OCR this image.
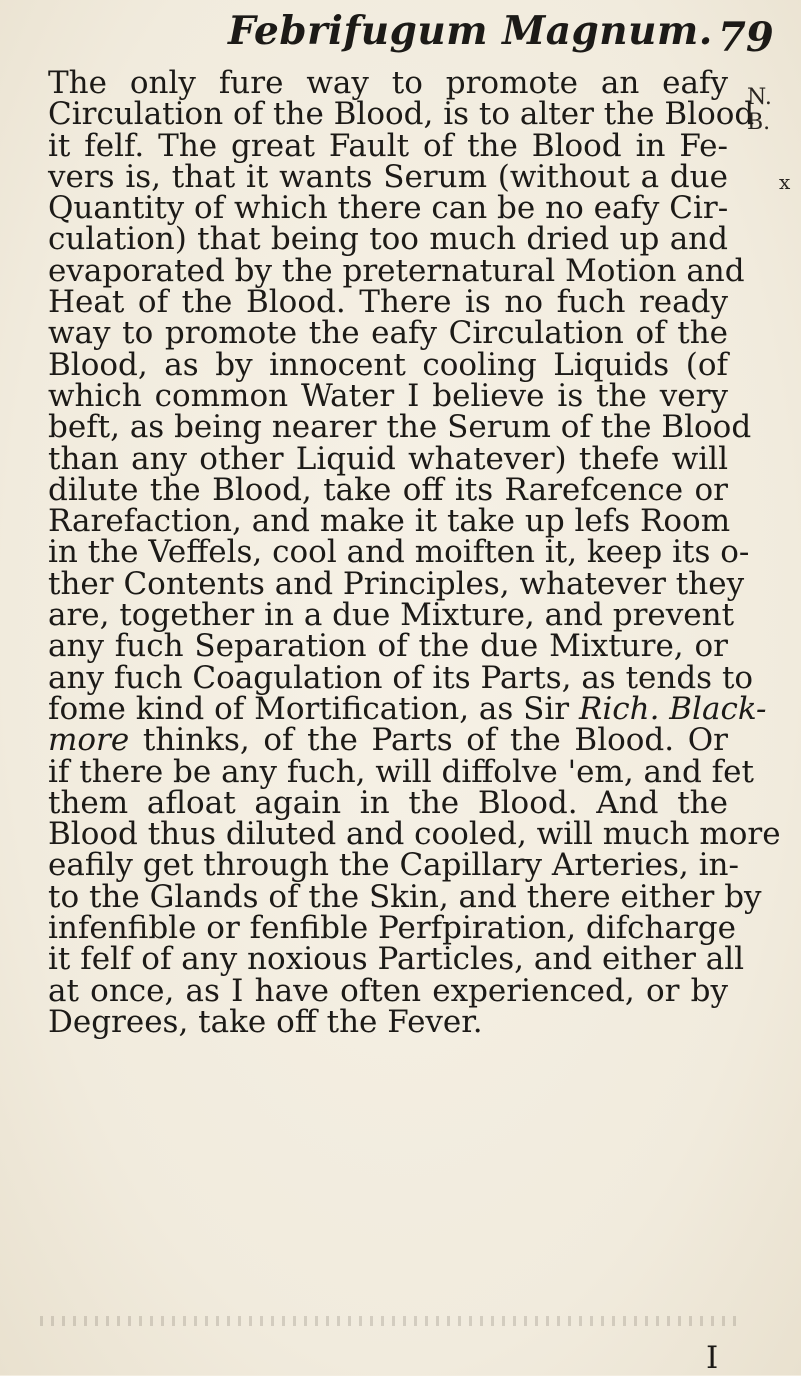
Febrifugum Magnum. 79
N. B.
x
The only fure way to promote an eafy
Circulation of the Blood, is to alter the Blood
it felf. The great Fault of the Blood in Fe-
vers is, that it wants Serum (without a due
Quantity of which there can be no eafy Cir-
culation) that being too much dried up and
evaporated by the preternatural Motion and
Heat of the Blood. There is no fuch ready
way to promote the eafy Circulation of the
Blood, as by innocent cooling Liquids (of
which common Water I believe is the very
beft, as being nearer the Serum of the Blood
than any other Liquid whatever) thefe will
dilute the Blood, take off its Rarefcence or
Rarefaction, and make it take up lefs Room
in the Veffels, cool and moiften it, keep its o-
ther Contents and Principles, whatever they
are, together in a due Mixture, and prevent
any fuch Separation of the due Mixture, or
any fuch Coagulation of its Parts, as tends to
fome kind of Mortification, as Sir Rich. Black-
more thinks, of the Parts of the Blood. Or
if there be any fuch, will diffolve 'em, and fet
them afloat again in the Blood. And the
Blood thus diluted and cooled, will much more
eafily get through the Capillary Arteries, in-
to the Glands of the Skin, and there either by
infenfible or fenfible Perfpiration, difcharge
it felf of any noxious Particles, and either all
at once, as I have often experienced, or by
Degrees, take off the Fever.
I
